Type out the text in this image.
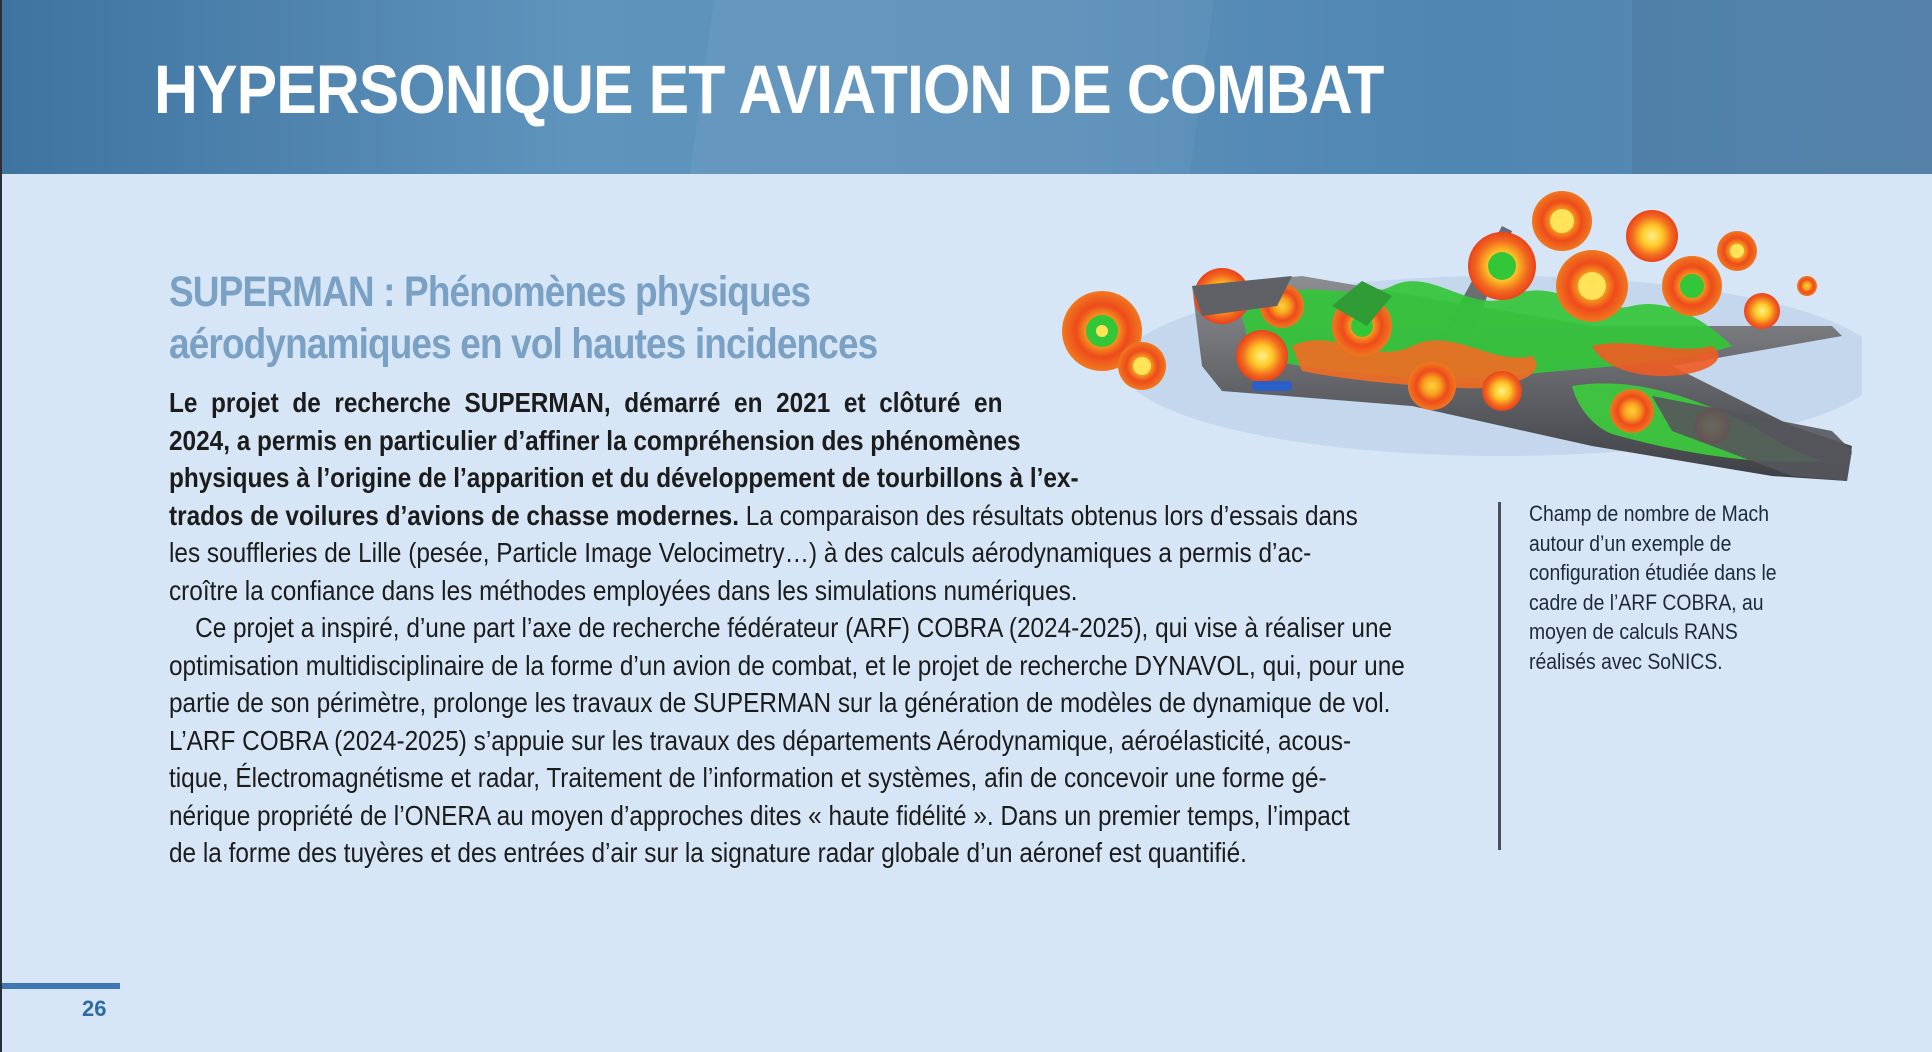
HYPERSONIQUE ET AVIATION DE COMBAT
SUPERMAN : Phénomènes physiques
aérodynamiques en vol hautes incidences
Le projet de recherche SUPERMAN, démarré en 2021 et clôturé en
2024, a permis en particulier d’affiner la compréhension des phénomènes
physiques à l’origine de l’apparition et du développement de tourbillons à l’ex-
trados de voilures d’avions de chasse modernes. La comparaison des résultats obtenus lors d’essais dans
les souffleries de Lille (pesée, Particle Image Velocimetry…) à des calculs aérodynamiques a permis d’ac-
croître la confiance dans les méthodes employées dans les simulations numériques.
Ce projet a inspiré, d’une part l’axe de recherche fédérateur (ARF) COBRA (2024-2025), qui vise à réaliser une
optimisation multidisciplinaire de la forme d’un avion de combat, et le projet de recherche DYNAVOL, qui, pour une
partie de son périmètre, prolonge les travaux de SUPERMAN sur la génération de modèles de dynamique de vol.
L’ARF COBRA (2024-2025) s’appuie sur les travaux des départements Aérodynamique, aéroélasticité, acous-
tique, Électromagnétisme et radar, Traitement de l’information et systèmes, afin de concevoir une forme gé-
nérique propriété de l’ONERA au moyen d’approches dites « haute fidélité ». Dans un premier temps, l’impact
de la forme des tuyères et des entrées d’air sur la signature radar globale d’un aéronef est quantifié.
Champ de nombre de Mach
autour d’un exemple de
configuration étudiée dans le
cadre de l’ARF COBRA, au
moyen de calculs RANS
réalisés avec SoNICS.
26
